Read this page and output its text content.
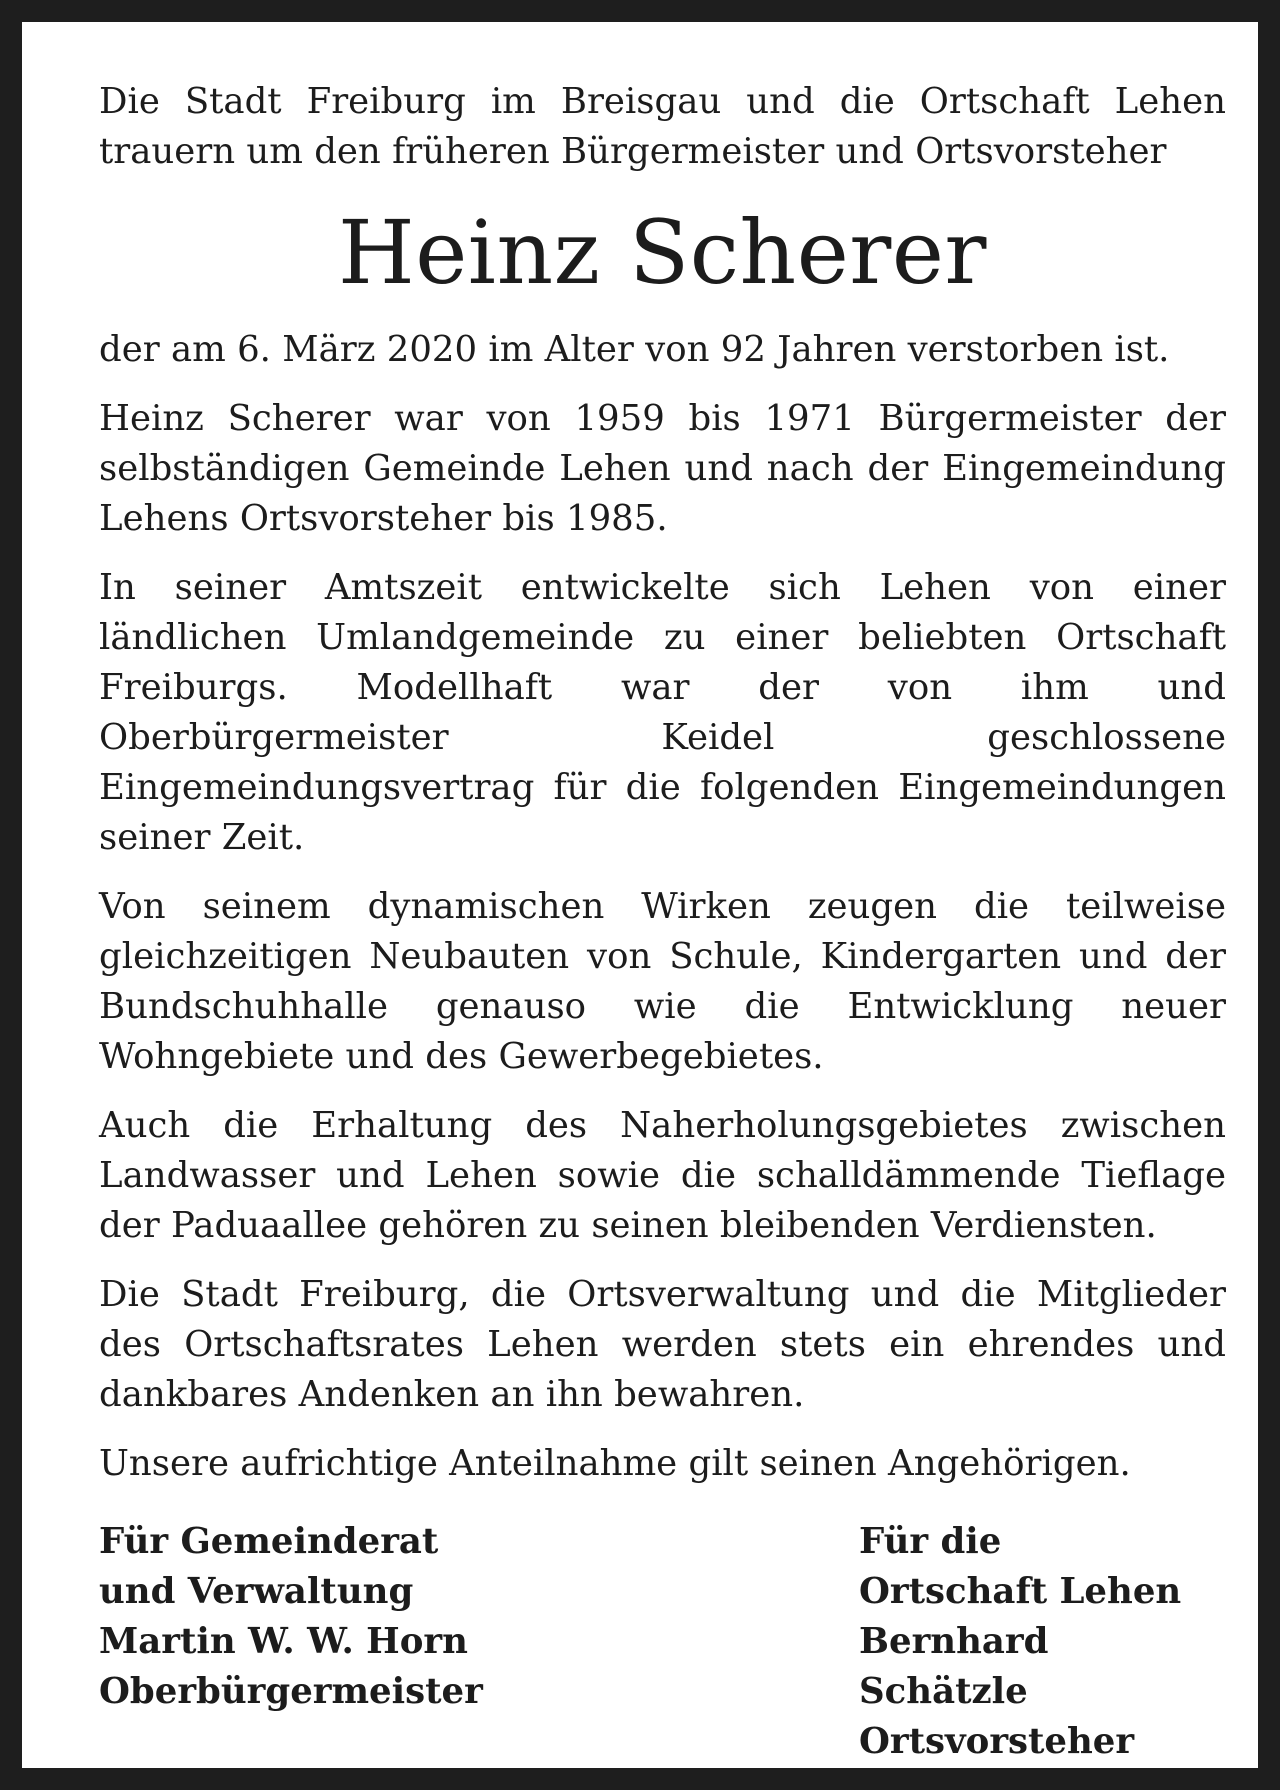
Die Stadt Freiburg im Breisgau und die Ortschaft Lehen trauern um den früheren Bürgermeister und Ortsvorsteher

Heinz Scherer

der am 6. März 2020 im Alter von 92 Jahren verstorben ist.

Heinz Scherer war von 1959 bis 1971 Bürgermeister der selbständigen Gemeinde Lehen und nach der Eingemeindung Lehens Ortsvorsteher bis 1985.

In seiner Amtszeit entwickelte sich Lehen von einer ländlichen Umlandgemeinde zu einer beliebten Ortschaft Freiburgs. Modellhaft war der von ihm und Oberbürgermeister Keidel geschlossene Eingemeindungsvertrag für die folgenden Eingemeindungen seiner Zeit.

Von seinem dynamischen Wirken zeugen die teilweise gleichzeitigen Neubauten von Schule, Kindergarten und der Bundschuhhalle genauso wie die Entwicklung neuer Wohngebiete und des Gewerbegebietes.

Auch die Erhaltung des Naherholungsgebietes zwischen Landwasser und Lehen sowie die schalldämmende Tieflage der Paduaallee gehören zu seinen bleibenden Verdiensten.

Die Stadt Freiburg, die Ortsverwaltung und die Mitglieder des Ortschaftsrates Lehen werden stets ein ehrendes und dankbares Andenken an ihn bewahren.

Unsere aufrichtige Anteilnahme gilt seinen Angehörigen.

Für Gemeinderat
und Verwaltung
Martin W. W. Horn
Oberbürgermeister
Für die
Ortschaft Lehen
Bernhard Schätzle
Ortsvorsteher
